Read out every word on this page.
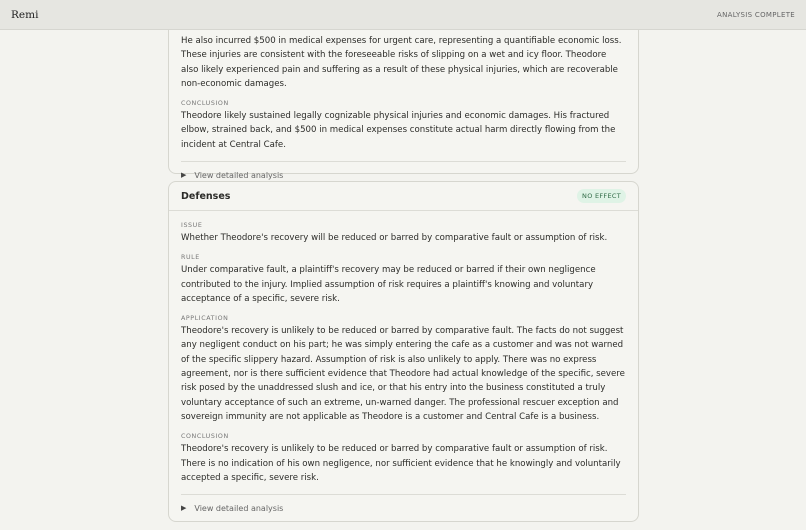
Remi	ANALYSIS COMPLETE
He also incurred $500 in medical expenses for urgent care, representing a quantifiable economic loss. These injuries are consistent with the foreseeable risks of slipping on a wet and icy floor. Theodore also likely experienced pain and suffering as a result of these physical injuries, which are recoverable non-economic damages.
CONCLUSION
Theodore likely sustained legally cognizable physical injuries and economic damages. His fractured elbow, strained back, and $500 in medical expenses constitute actual harm directly flowing from the incident at Central Cafe.
▶ View detailed analysis
Defenses	NO EFFECT
ISSUE
Whether Theodore's recovery will be reduced or barred by comparative fault or assumption of risk.
RULE
Under comparative fault, a plaintiff's recovery may be reduced or barred if their own negligence contributed to the injury. Implied assumption of risk requires a plaintiff's knowing and voluntary acceptance of a specific, severe risk.
APPLICATION
Theodore's recovery is unlikely to be reduced or barred by comparative fault. The facts do not suggest any negligent conduct on his part; he was simply entering the cafe as a customer and was not warned of the specific slippery hazard. Assumption of risk is also unlikely to apply. There was no express agreement, nor is there sufficient evidence that Theodore had actual knowledge of the specific, severe risk posed by the unaddressed slush and ice, or that his entry into the business constituted a truly voluntary acceptance of such an extreme, un-warned danger. The professional rescuer exception and sovereign immunity are not applicable as Theodore is a customer and Central Cafe is a business.
CONCLUSION
Theodore's recovery is unlikely to be reduced or barred by comparative fault or assumption of risk. There is no indication of his own negligence, nor sufficient evidence that he knowingly and voluntarily accepted a specific, severe risk.
▶ View detailed analysis
